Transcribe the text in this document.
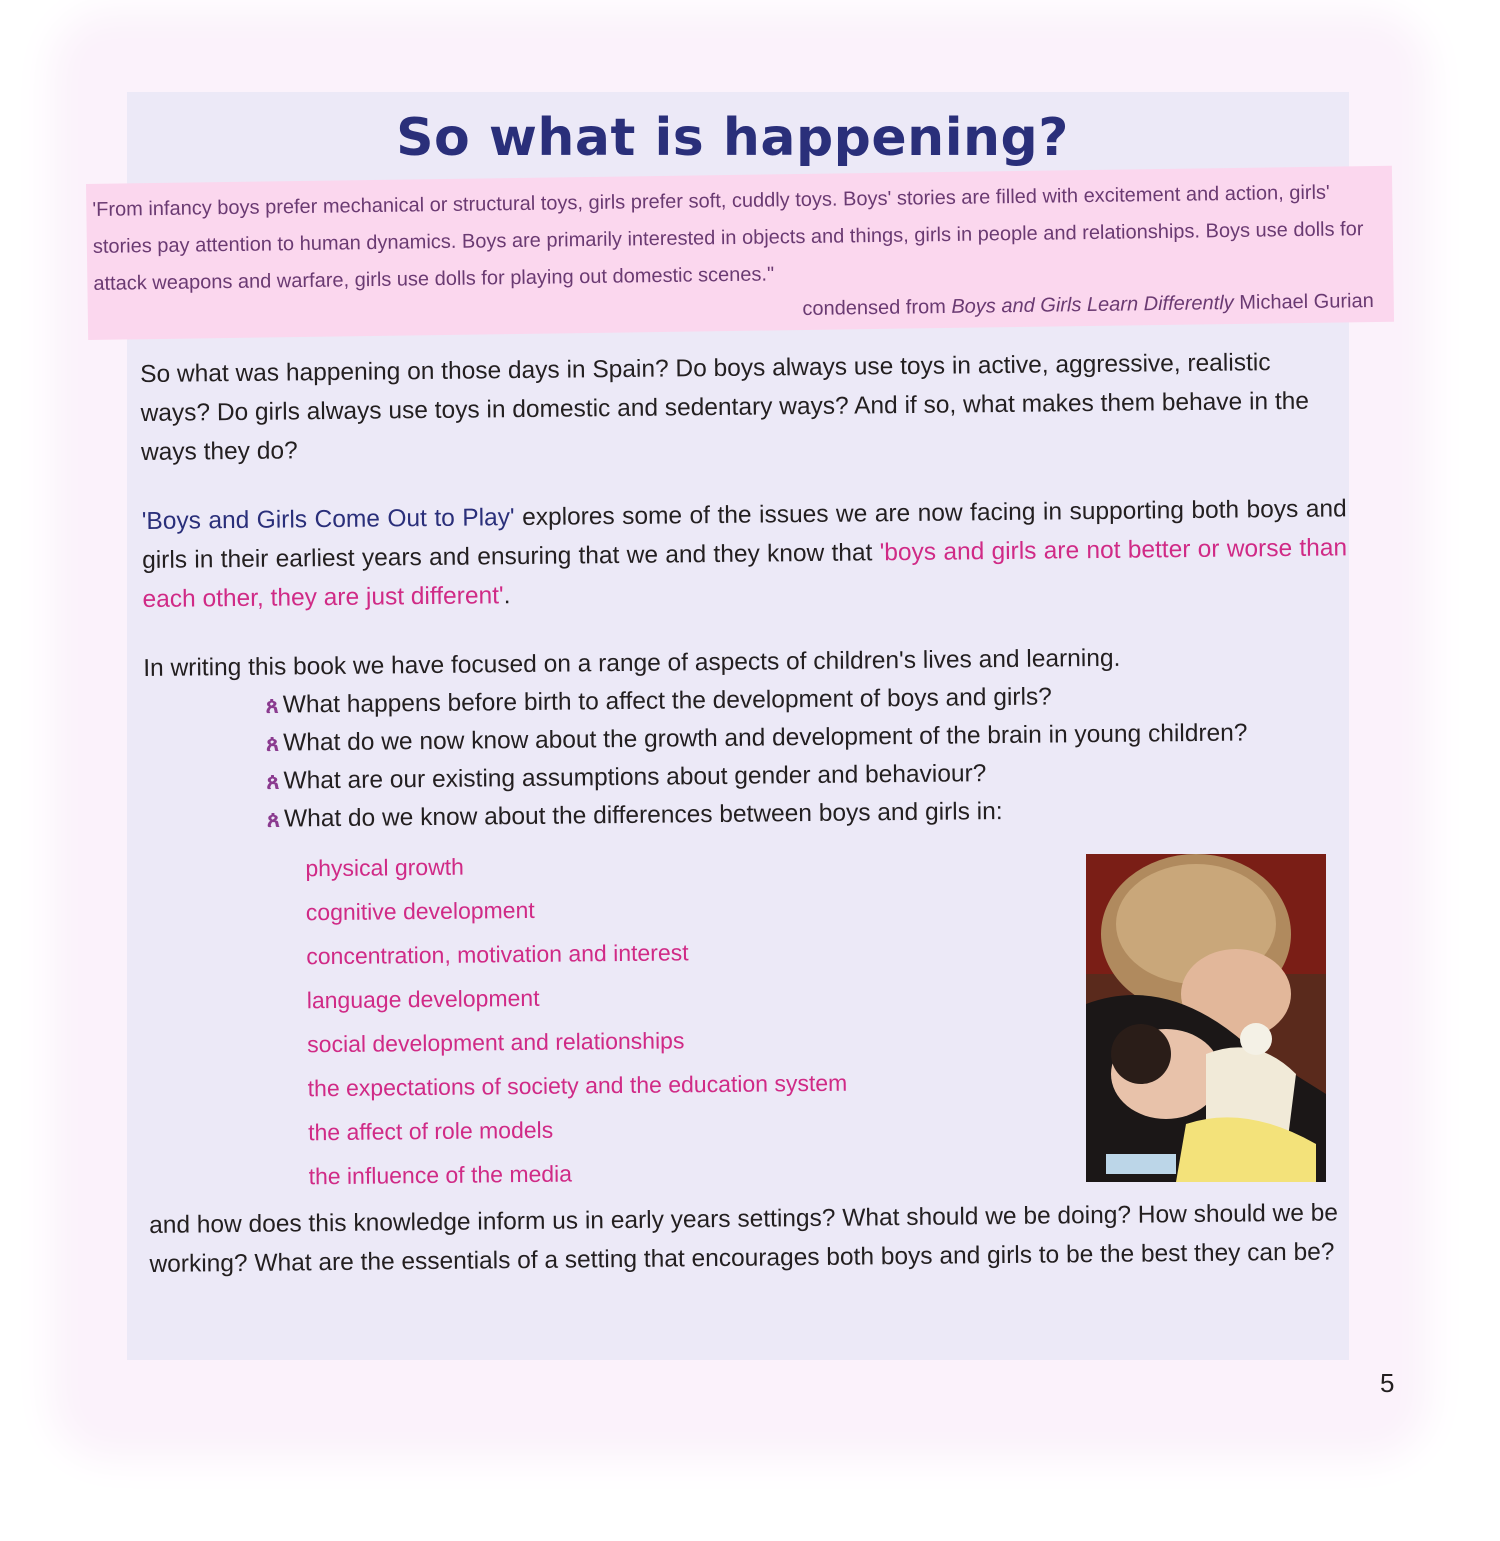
So what is happening?
'From infancy boys prefer mechanical or structural toys, girls prefer soft, cuddly toys. Boys' stories are filled with excitement and action, girls' stories pay attention to human dynamics. Boys are primarily interested in objects and things, girls in people and relationships. Boys use dolls for attack weapons and warfare, girls use dolls for playing out domestic scenes."
condensed from Boys and Girls Learn Differently Michael Gurian

So what was happening on those days in Spain? Do boys always use toys in active, aggressive, realistic ways? Do girls always use toys in domestic and sedentary ways? And if so, what makes them behave in the ways they do?

'Boys and Girls Come Out to Play' explores some of the issues we are now facing in supporting both boys and girls in their earliest years and ensuring that we and they know that 'boys and girls are not better or worse than each other, they are just different'.

In writing this book we have focused on a range of aspects of children's lives and learning.

ጰ What happens before birth to affect the development of boys and girls?
ጰ What do we now know about the growth and development of the brain in young children?
ጰ What are our existing assumptions about gender and behaviour?
ጰ What do we know about the differences between boys and girls in:
physical growth
cognitive development
concentration, motivation and interest
language development
social development and relationships
the expectations of society and the education system
the affect of role models
the influence of the media

and how does this knowledge inform us in early years settings? What should we be doing? How should we be working? What are the essentials of a setting that encourages both boys and girls to be the best they can be?

5
